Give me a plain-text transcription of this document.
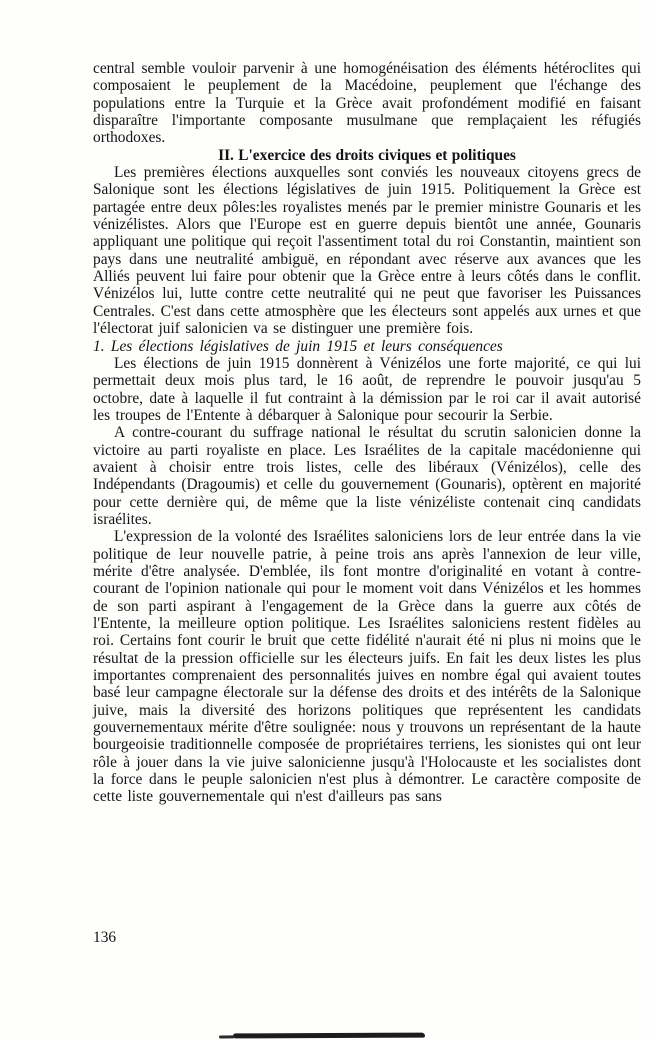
central semble vouloir parvenir à une homogénéisation des éléments hétéroclites qui composaient le peuplement de la Macédoine, peuplement que l'échange des populations entre la Turquie et la Grèce avait profondément modifié en faisant disparaître l'importante composante musulmane que remplaçaient les réfugiés orthodoxes.

II. L'exercice des droits civiques et politiques

Les premières élections auxquelles sont conviés les nouveaux citoyens grecs de Salonique sont les élections législatives de juin 1915. Politiquement la Grèce est partagée entre deux pôles:les royalistes menés par le premier ministre Gounaris et les vénizélistes. Alors que l'Europe est en guerre depuis bientôt une année, Gounaris appliquant une politique qui reçoit l'assentiment total du roi Constantin, maintient son pays dans une neutralité ambiguë, en répondant avec réserve aux avances que les Alliés peuvent lui faire pour obtenir que la Grèce entre à leurs côtés dans le conflit. Vénizélos lui, lutte contre cette neutralité qui ne peut que favoriser les Puissances Centrales. C'est dans cette atmosphère que les électeurs sont appelés aux urnes et que l'électorat juif salonicien va se distinguer une première fois.

1. Les élections législatives de juin 1915 et leurs conséquences

Les élections de juin 1915 donnèrent à Vénizélos une forte majorité, ce qui lui permettait deux mois plus tard, le 16 août, de reprendre le pouvoir jusqu'au 5 octobre, date à laquelle il fut contraint à la démission par le roi car il avait autorisé les troupes de l'Entente à débarquer à Salonique pour secourir la Serbie.

A contre-courant du suffrage national le résultat du scrutin salonicien donne la victoire au parti royaliste en place. Les Israélites de la capitale macédonienne qui avaient à choisir entre trois listes, celle des libéraux (Vénizélos), celle des Indépendants (Dragoumis) et celle du gouvernement (Gounaris), optèrent en majorité pour cette dernière qui, de même que la liste vénizéliste contenait cinq candidats israélites.

L'expression de la volonté des Israélites saloniciens lors de leur entrée dans la vie politique de leur nouvelle patrie, à peine trois ans après l'annexion de leur ville, mérite d'être analysée. D'emblée, ils font montre d'originalité en votant à contre-courant de l'opinion nationale qui pour le moment voit dans Vénizélos et les hommes de son parti aspirant à l'engagement de la Grèce dans la guerre aux côtés de l'Entente, la meilleure option politique. Les Israélites saloniciens restent fidèles au roi. Certains font courir le bruit que cette fidélité n'aurait été ni plus ni moins que le résultat de la pression officielle sur les électeurs juifs. En fait les deux listes les plus importantes comprenaient des personnalités juives en nombre égal qui avaient toutes basé leur campagne électorale sur la défense des droits et des intérêts de la Salonique juive, mais la diversité des horizons politiques que représentent les candidats gouvernementaux mérite d'être soulignée: nous y trouvons un représentant de la haute bourgeoisie traditionnelle composée de propriétaires terriens, les sionistes qui ont leur rôle à jouer dans la vie juive salonicienne jusqu'à l'Holocauste et les socialistes dont la force dans le peuple salonicien n'est plus à démontrer. Le caractère composite de cette liste gouvernementale qui n'est d'ailleurs pas sans

136
